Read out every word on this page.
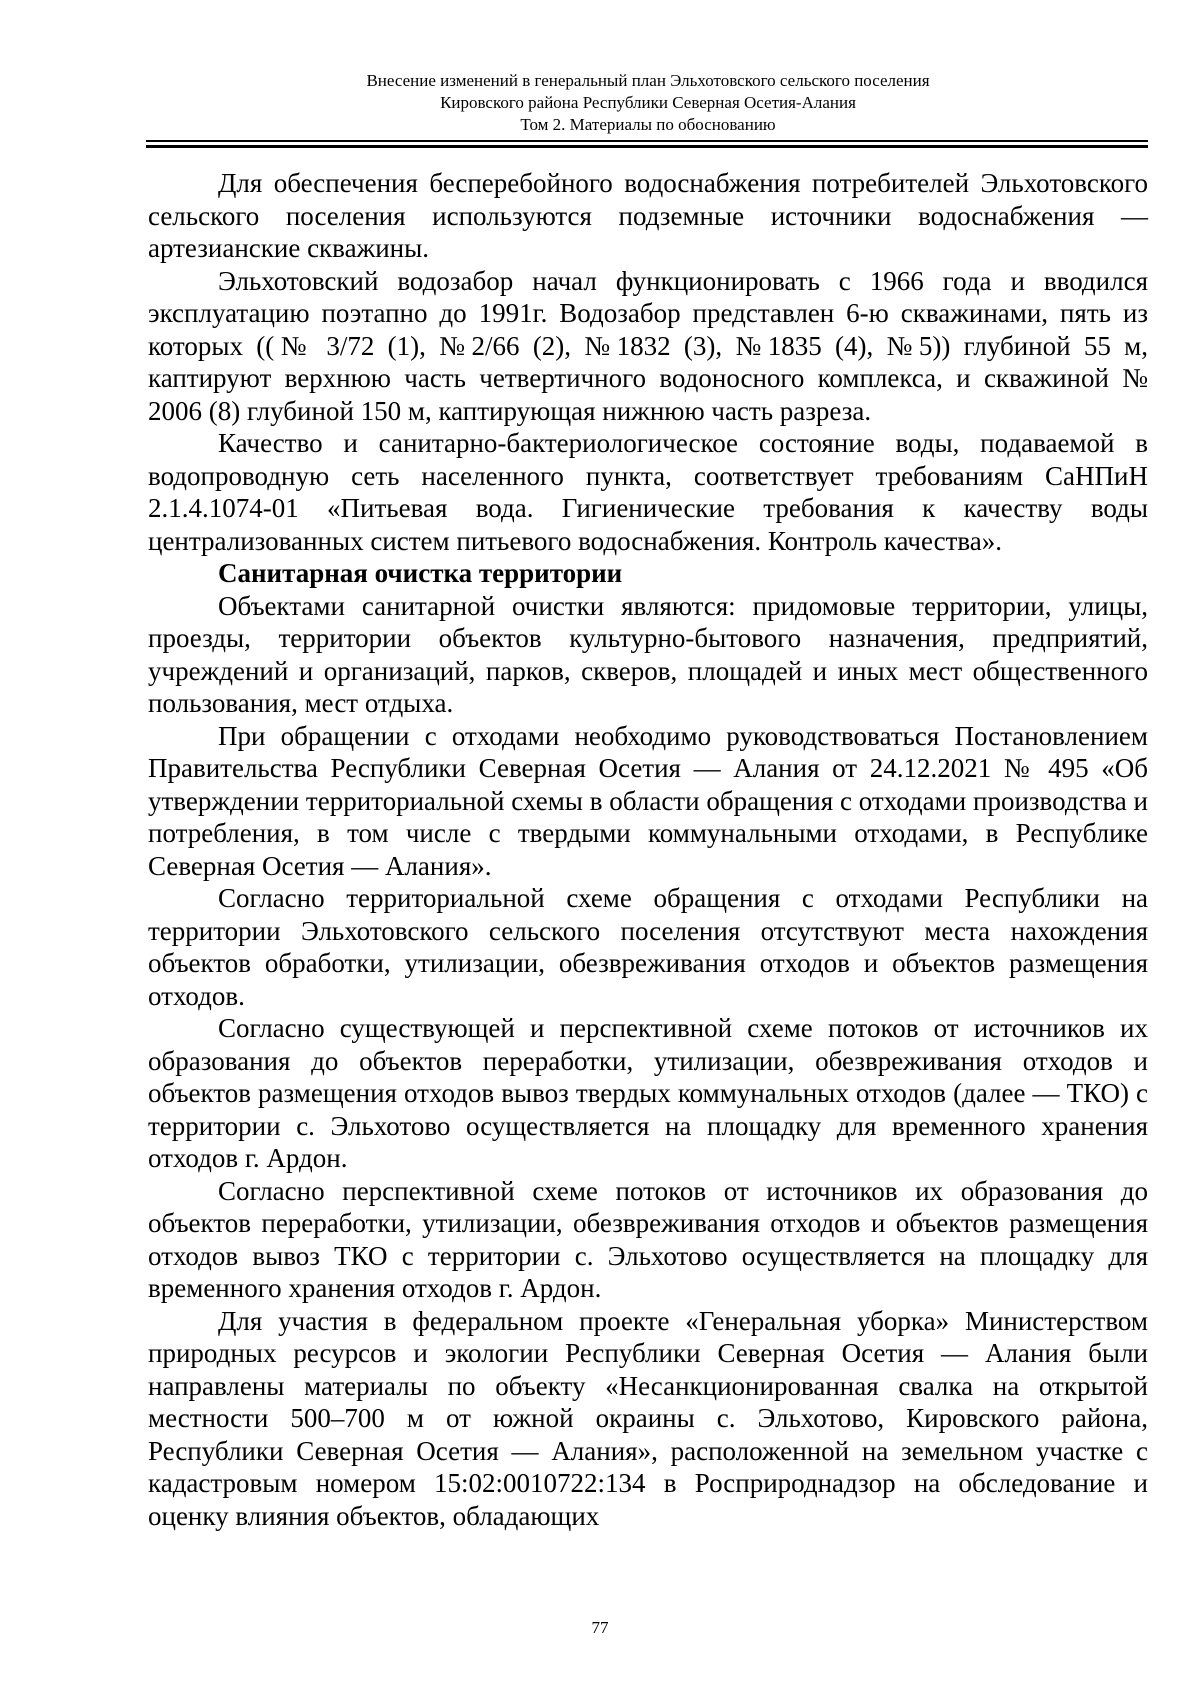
Внесение изменений в генеральный план Эльхотовского сельского поселения
Кировского района Республики Северная Осетия-Алания
Том 2. Материалы по обоснованию

Для обеспечения бесперебойного водоснабжения потребителей Эльхотовского сельского поселения используются подземные источники водоснабжения — артезианские скважины.

Эльхотовский водозабор начал функционировать с 1966 года и вводился эксплуатацию поэтапно до 1991г. Водозабор представлен 6-ю скважинами, пять из которых ((№ 3/72 (1), №2/66 (2), №1832 (3), №1835 (4), №5)) глубиной 55 м, каптируют верхнюю часть четвертичного водоносного комплекса, и скважиной № 2006 (8) глубиной 150 м, каптирующая нижнюю часть разреза.

Качество и санитарно-бактериологическое состояние воды, подаваемой в водопроводную сеть населенного пункта, соответствует требованиям СаНПиН 2.1.4.1074-01 «Питьевая вода. Гигиенические требования к качеству воды централизованных систем питьевого водоснабжения. Контроль качества».

Санитарная очистка территории

Объектами санитарной очистки являются: придомовые территории, улицы, проезды, территории объектов культурно-бытового назначения, предприятий, учреждений и организаций, парков, скверов, площадей и иных мест общественного пользования, мест отдыха.

При обращении с отходами необходимо руководствоваться Постановлением Правительства Республики Северная Осетия — Алания от 24.12.2021 № 495 «Об утверждении территориальной схемы в области обращения с отходами производства и потребления, в том числе с твердыми коммунальными отходами, в Республике Северная Осетия — Алания».

Согласно территориальной схеме обращения с отходами Республики на территории Эльхотовского сельского поселения отсутствуют места нахождения объектов обработки, утилизации, обезвреживания отходов и объектов размещения отходов.

Согласно существующей и перспективной схеме потоков от источников их образования до объектов переработки, утилизации, обезвреживания отходов и объектов размещения отходов вывоз твердых коммунальных отходов (далее — ТКО) с территории с. Эльхотово осуществляется на площадку для временного хранения отходов г. Ардон.

Согласно перспективной схеме потоков от источников их образования до объектов переработки, утилизации, обезвреживания отходов и объектов размещения отходов вывоз ТКО с территории с. Эльхотово осуществляется на площадку для временного хранения отходов г. Ардон.

Для участия в федеральном проекте «Генеральная уборка» Министерством природных ресурсов и экологии Республики Северная Осетия — Алания были направлены материалы по объекту «Несанкционированная свалка на открытой местности 500–700 м от южной окраины с. Эльхотово, Кировского района, Республики Северная Осетия — Алания», расположенной на земельном участке с кадастровым номером 15:02:0010722:134 в Росприроднадзор на обследование и оценку влияния объектов, обладающих

77
